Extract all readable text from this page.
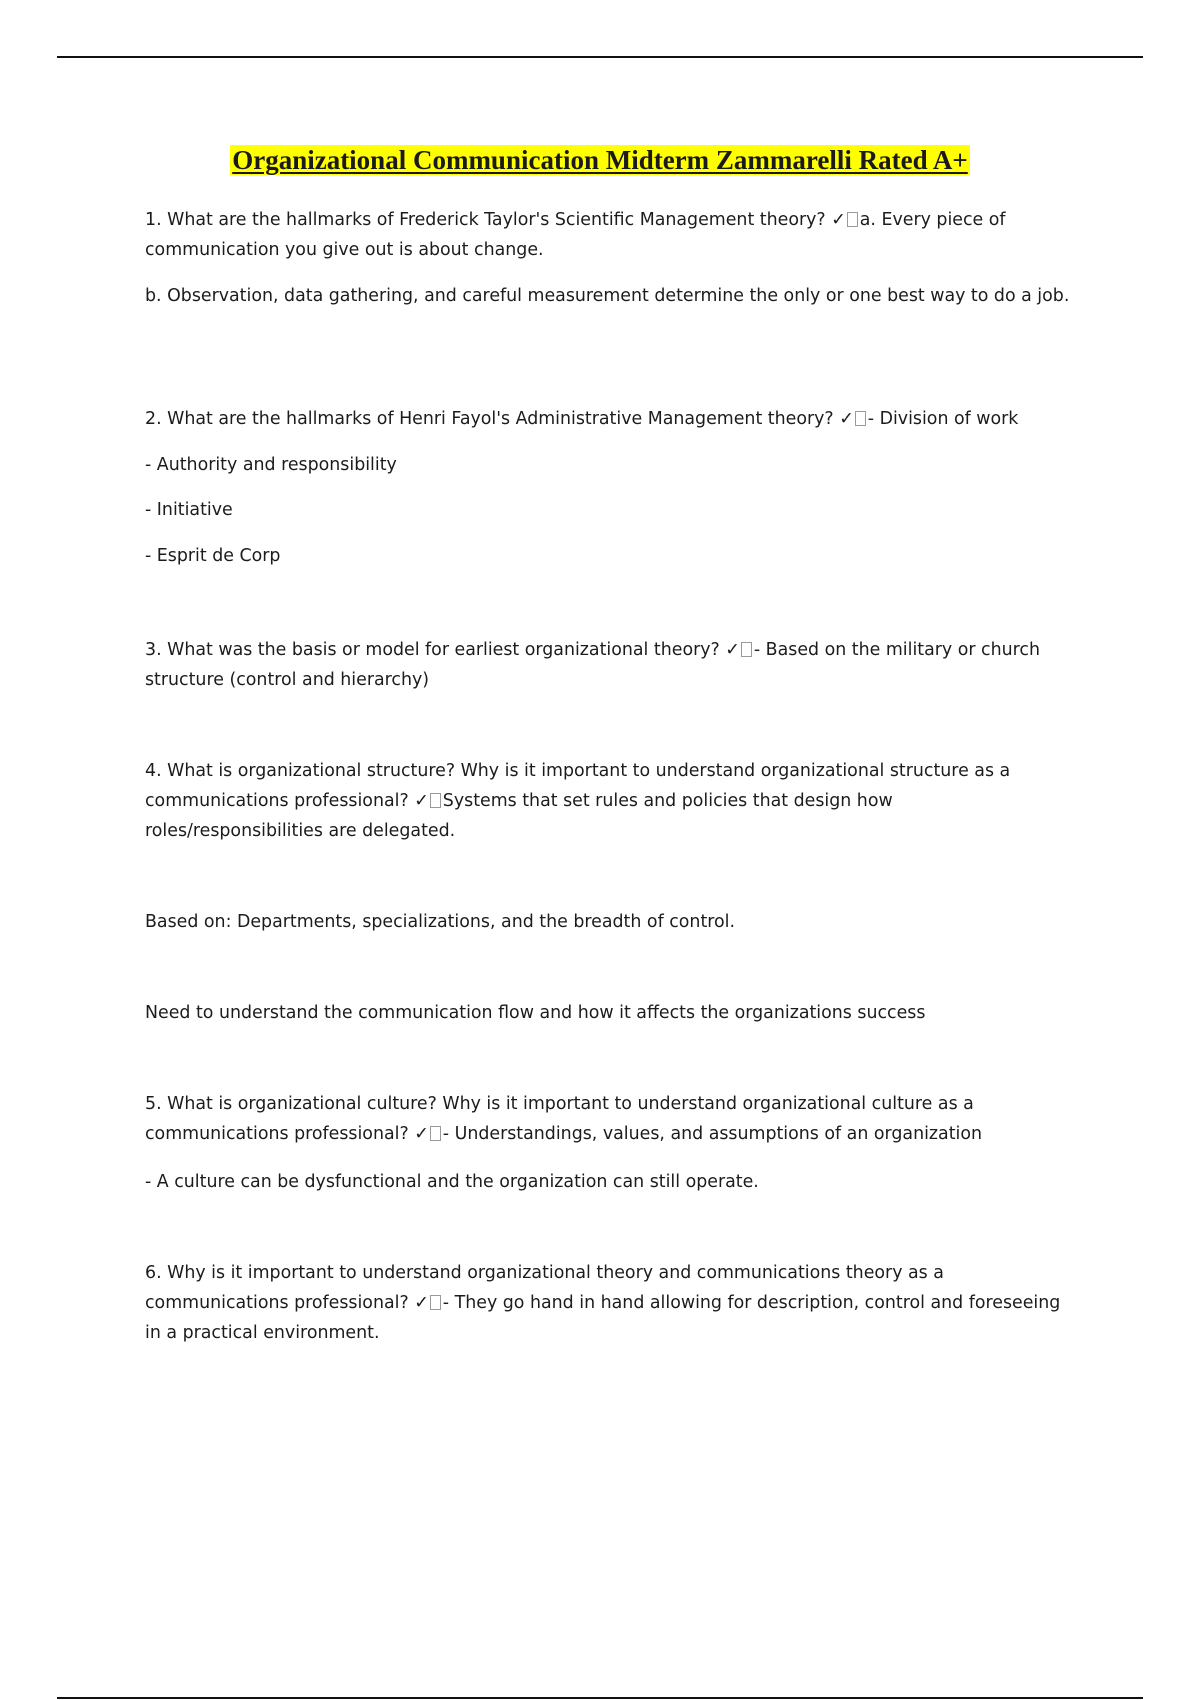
Organizational Communication Midterm Zammarelli Rated A+

1. What are the hallmarks of Frederick Taylor's Scientific Management theory? ✓ a. Every piece of communication you give out is about change.

b. Observation, data gathering, and careful measurement determine the only or one best way to do a job.

2. What are the hallmarks of Henri Fayol's Administrative Management theory? ✓ - Division of work

- Authority and responsibility

- Initiative

- Esprit de Corp

3. What was the basis or model for earliest organizational theory? ✓ - Based on the military or church structure (control and hierarchy)

4. What is organizational structure? Why is it important to understand organizational structure as a communications professional? ✓ Systems that set rules and policies that design how roles/responsibilities are delegated.

Based on: Departments, specializations, and the breadth of control.

Need to understand the communication flow and how it affects the organizations success

5. What is organizational culture? Why is it important to understand organizational culture as a communications professional? ✓ - Understandings, values, and assumptions of an organization

- A culture can be dysfunctional and the organization can still operate.

6. Why is it important to understand organizational theory and communications theory as a communications professional? ✓ - They go hand in hand allowing for description, control and foreseeing in a practical environment.
